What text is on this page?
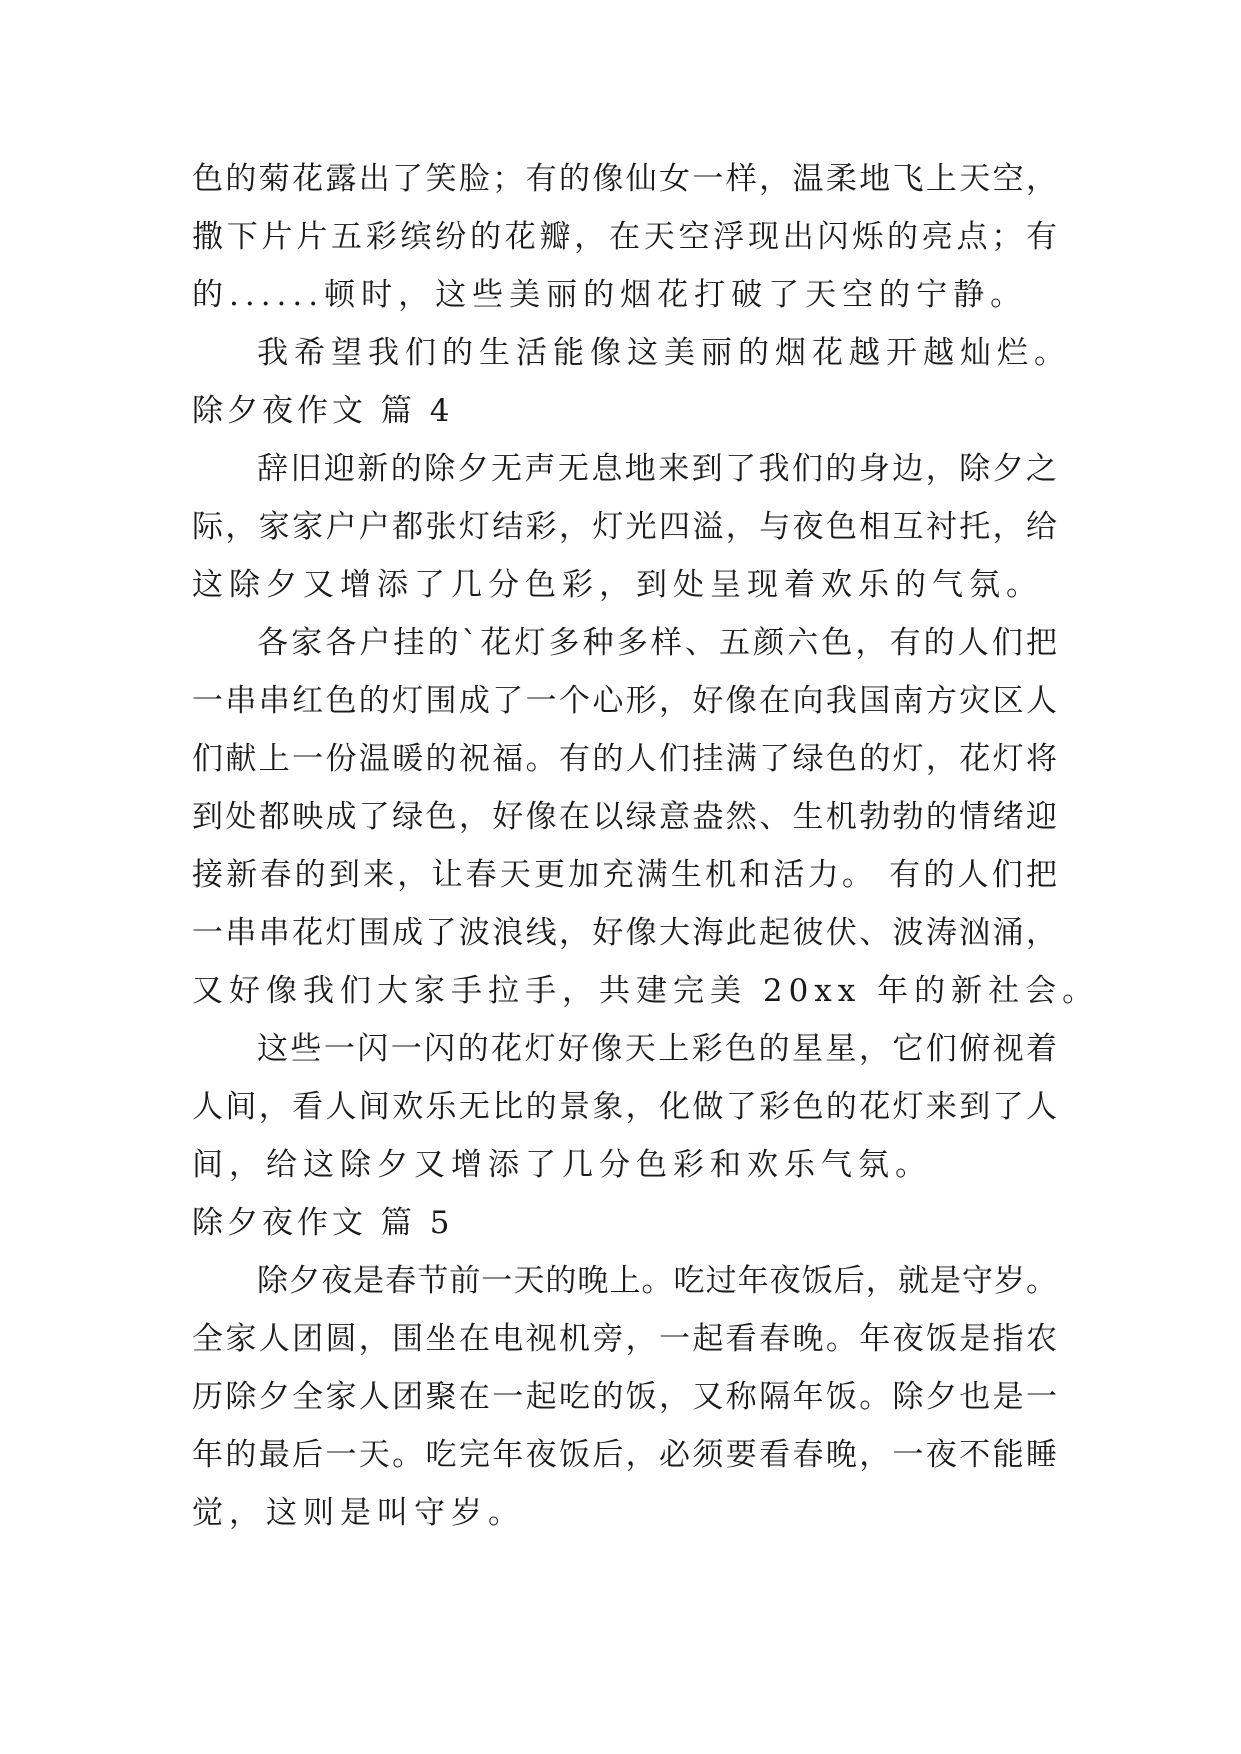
色的菊花露出了笑脸；有的像仙女一样，温柔地飞上天空，
撒下片片五彩缤纷的花瓣，在天空浮现出闪烁的亮点；有
的......顿时，这些美丽的烟花打破了天空的宁静。
我希望我们的生活能像这美丽的烟花越开越灿烂。
除夕夜作文 篇 4
辞旧迎新的除夕无声无息地来到了我们的身边，除夕之
际，家家户户都张灯结彩，灯光四溢，与夜色相互衬托，给
这除夕又增添了几分色彩，到处呈现着欢乐的气氛。
各家各户挂的`花灯多种多样、五颜六色，有的人们把
一串串红色的灯围成了一个心形，好像在向我国南方灾区人
们献上一份温暖的祝福。有的人们挂满了绿色的灯，花灯将
到处都映成了绿色，好像在以绿意盎然、生机勃勃的情绪迎
接新春的到来，让春天更加充满生机和活力。 有的人们把
一串串花灯围成了波浪线，好像大海此起彼伏、波涛汹涌，
又好像我们大家手拉手，共建完美 20xx 年的新社会。
这些一闪一闪的花灯好像天上彩色的星星，它们俯视着
人间，看人间欢乐无比的景象，化做了彩色的花灯来到了人
间，给这除夕又增添了几分色彩和欢乐气氛。
除夕夜作文 篇 5
除夕夜是春节前一天的晚上。吃过年夜饭后，就是守岁。
全家人团圆，围坐在电视机旁，一起看春晚。年夜饭是指农
历除夕全家人团聚在一起吃的饭，又称隔年饭。除夕也是一
年的最后一天。吃完年夜饭后，必须要看春晚，一夜不能睡
觉，这则是叫守岁。
